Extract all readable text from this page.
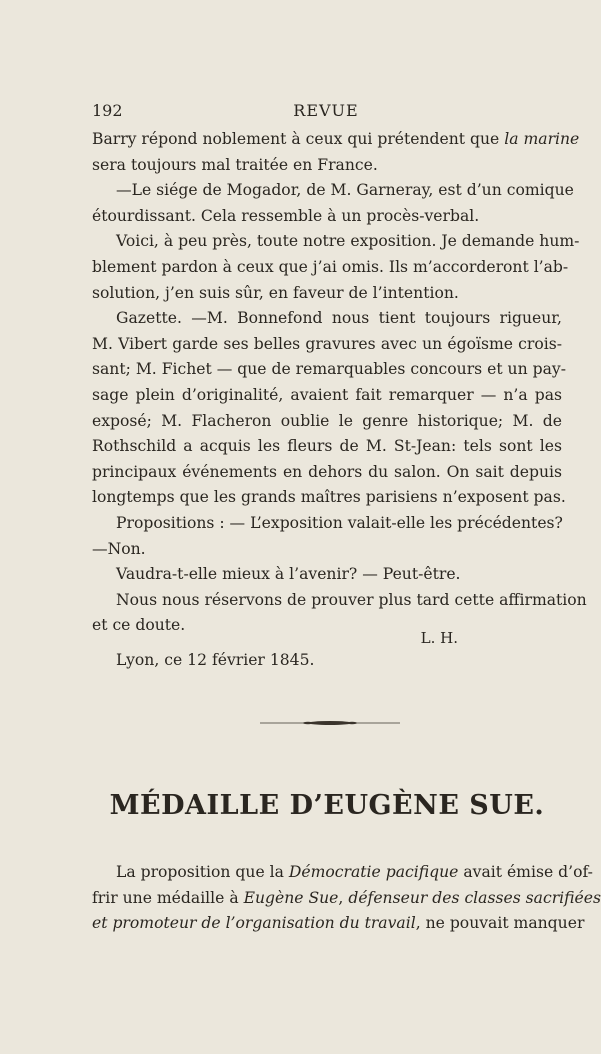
192	REVUE
Barry répond noblement à ceux qui prétendent que la marine
sera toujours mal traitée en France.
—Le siége de Mogador, de M. Garneray, est d’un comique
étourdissant. Cela ressemble à un procès-verbal.
Voici, à peu près, toute notre exposition. Je demande hum-
blement pardon à ceux que j’ai omis. Ils m’accorderont l’ab-
solution, j’en suis sûr, en faveur de l’intention.
Gazette. —M. Bonnefond nous tient toujours rigueur,
M. Vibert garde ses belles gravures avec un égoïsme crois-
sant; M. Fichet — que de remarquables concours et un pay-
sage plein d’originalité, avaient fait remarquer — n’a pas
exposé; M. Flacheron oublie le genre historique; M. de
Rothschild a acquis les fleurs de M. St-Jean: tels sont les
principaux événements en dehors du salon. On sait depuis
longtemps que les grands maîtres parisiens n’exposent pas.
Propositions : — L’exposition valait-elle les précédentes?
—Non.
Vaudra-t-elle mieux à l’avenir? — Peut-être.
Nous nous réservons de prouver plus tard cette affirmation
et ce doute.
L. H.
Lyon, ce 12 février 1845.
MÉDAILLE D’EUGÈNE SUE.
La proposition que la Démocratie pacifique avait émise d’of-
frir une médaille à Eugène Sue, défenseur des classes sacrifiées
et promoteur de l’organisation du travail, ne pouvait manquer
